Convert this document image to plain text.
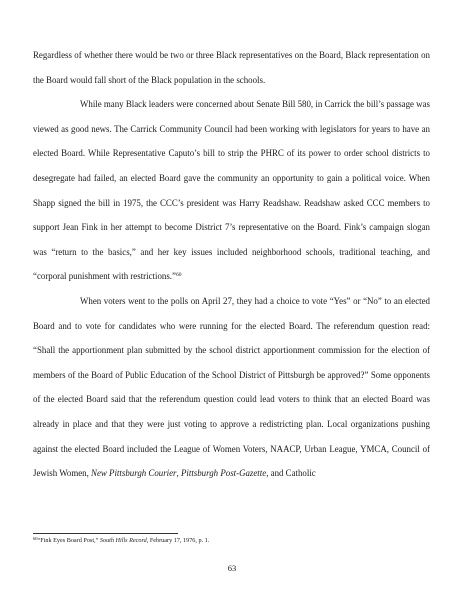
Regardless of whether there would be two or three Black representatives on the Board, Black representation on the Board would fall short of the Black population in the schools.

While many Black leaders were concerned about Senate Bill 580, in Carrick the bill’s passage was viewed as good news. The Carrick Community Council had been working with legislators for years to have an elected Board. While Representative Caputo’s bill to strip the PHRC of its power to order school districts to desegregate had failed, an elected Board gave the community an opportunity to gain a political voice. When Shapp signed the bill in 1975, the CCC’s president was Harry Readshaw. Readshaw asked CCC members to support Jean Fink in her attempt to become District 7’s representative on the Board. Fink’s campaign slogan was “return to the basics,” and her key issues included neighborhood schools, traditional teaching, and “corporal punishment with restrictions.”$^{60}$

When voters went to the polls on April 27, they had a choice to vote “Yes” or “No” to an elected Board and to vote for candidates who were running for the elected Board. The referendum question read: “Shall the apportionment plan submitted by the school district apportionment commission for the election of members of the Board of Public Education of the School District of Pittsburgh be approved?” Some opponents of the elected Board said that the referendum question could lead voters to think that an elected Board was already in place and that they were just voting to approve a redistricting plan. Local organizations pushing against the elected Board included the League of Women Voters, NAACP, Urban League, YMCA, Council of Jewish Women, New Pittsburgh Courier, Pittsburgh Post-Gazette, and Catholic

$^{60}$“Fink Eyes Board Post,” South Hills Record, February 17, 1976, p. 1.
63
